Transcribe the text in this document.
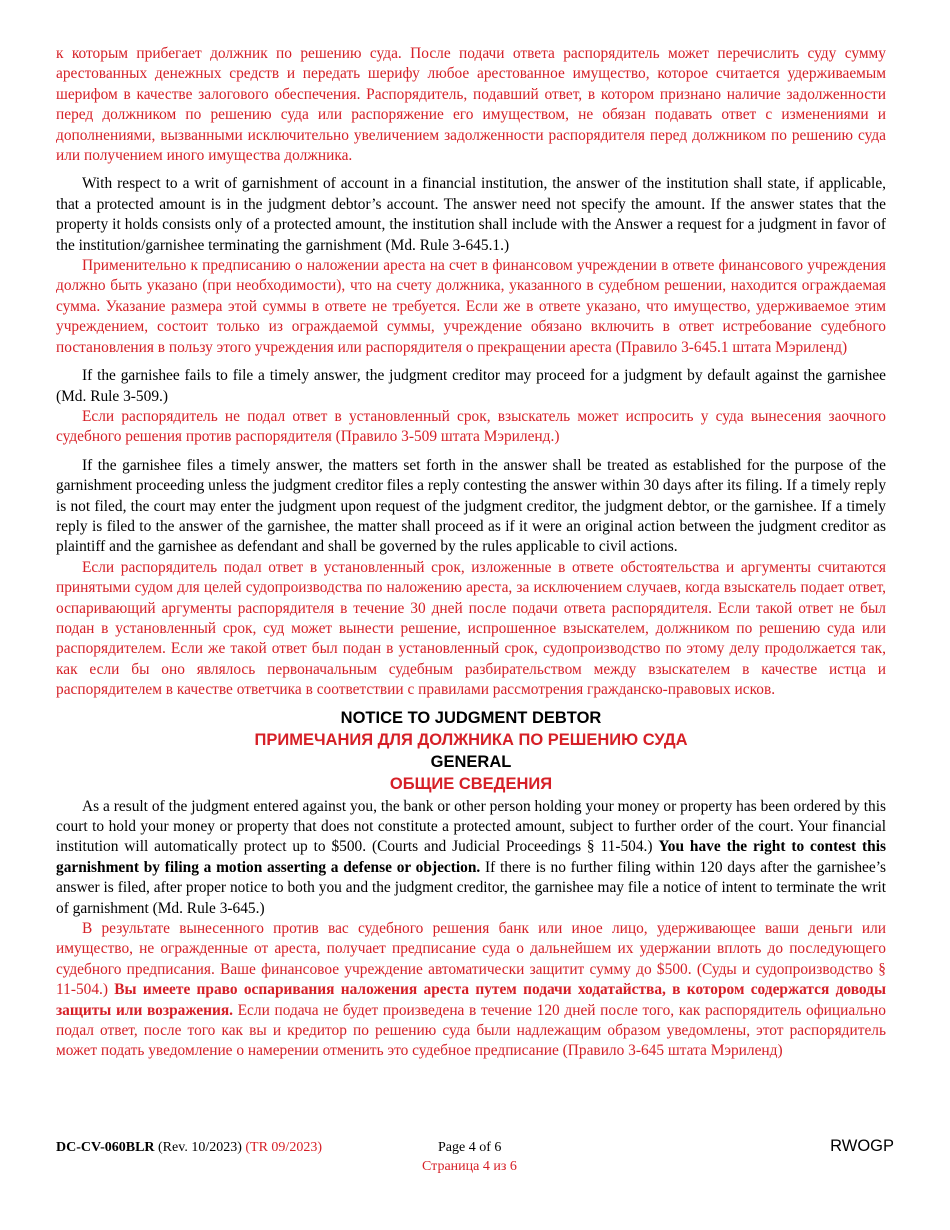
к которым прибегает должник по решению суда. После подачи ответа распорядитель может перечислить суду сумму арестованных денежных средств и передать шерифу любое арестованное имущество, которое считается удерживаемым шерифом в качестве залогового обеспечения. Распорядитель, подавший ответ, в котором признано наличие задолженности перед должником по решению суда или распоряжение его имуществом, не обязан подавать ответ с изменениями и дополнениями, вызванными исключительно увеличением задолженности распорядителя перед должником по решению суда или получением иного имущества должника.

With respect to a writ of garnishment of account in a financial institution, the answer of the institution shall state, if applicable, that a protected amount is in the judgment debtor’s account. The answer need not specify the amount. If the answer states that the property it holds consists only of a protected amount, the institution shall include with the Answer a request for a judgment in favor of the institution/garnishee terminating the garnishment (Md. Rule 3-645.1.)

Применительно к предписанию о наложении ареста на счет в финансовом учреждении в ответе финансового учреждения должно быть указано (при необходимости), что на счету должника, указанного в судебном решении, находится ограждаемая сумма. Указание размера этой суммы в ответе не требуется. Если же в ответе указано, что имущество, удерживаемое этим учреждением, состоит только из ограждаемой суммы, учреждение обязано включить в ответ истребование судебного постановления в пользу этого учреждения или распорядителя о прекращении ареста (Правило 3-645.1 штата Мэриленд)

If the garnishee fails to file a timely answer, the judgment creditor may proceed for a judgment by default against the garnishee (Md. Rule 3-509.)

Если распорядитель не подал ответ в установленный срок, взыскатель может испросить у суда вынесения заочного судебного решения против распорядителя (Правило 3-509 штата Мэриленд.)

If the garnishee files a timely answer, the matters set forth in the answer shall be treated as established for the purpose of the garnishment proceeding unless the judgment creditor files a reply contesting the answer within 30 days after its filing. If a timely reply is not filed, the court may enter the judgment upon request of the judgment creditor, the judgment debtor, or the garnishee. If a timely reply is filed to the answer of the garnishee, the matter shall proceed as if it were an original action between the judgment creditor as plaintiff and the garnishee as defendant and shall be governed by the rules applicable to civil actions.

Если распорядитель подал ответ в установленный срок, изложенные в ответе обстоятельства и аргументы считаются принятыми судом для целей судопроизводства по наложению ареста, за исключением случаев, когда взыскатель подает ответ, оспаривающий аргументы распорядителя в течение 30 дней после подачи ответа распорядителя. Если такой ответ не был подан в установленный срок, суд может вынести решение, испрошенное взыскателем, должником по решению суда или распорядителем. Если же такой ответ был подан в установленный срок, судопроизводство по этому делу продолжается так, как если бы оно являлось первоначальным судебным разбирательством между взыскателем в качестве истца и распорядителем в качестве ответчика в соответствии с правилами рассмотрения гражданско-правовых исков.

NOTICE TO JUDGMENT DEBTOR
ПРИМЕЧАНИЯ ДЛЯ ДОЛЖНИКА ПО РЕШЕНИЮ СУДА
GENERAL
ОБЩИЕ СВЕДЕНИЯ

As a result of the judgment entered against you, the bank or other person holding your money or property has been ordered by this court to hold your money or property that does not constitute a protected amount, subject to further order of the court. Your financial institution will automatically protect up to $500. (Courts and Judicial Proceedings § 11-504.) You have the right to contest this garnishment by filing a motion asserting a defense or objection. If there is no further filing within 120 days after the garnishee’s answer is filed, after proper notice to both you and the judgment creditor, the garnishee may file a notice of intent to terminate the writ of garnishment (Md. Rule 3-645.)

В результате вынесенного против вас судебного решения банк или иное лицо, удерживающее ваши деньги или имущество, не огражденные от ареста, получает предписание суда о дальнейшем их удержании вплоть до последующего судебного предписания. Ваше финансовое учреждение автоматически защитит сумму до $500. (Суды и судопроизводство § 11-504.) Вы имеете право оспаривания наложения ареста путем подачи ходатайства, в котором содержатся доводы защиты или возражения. Если подача не будет произведена в течение 120 дней после того, как распорядитель официально подал ответ, после того как вы и кредитор по решению суда были надлежащим образом уведомлены, этот распорядитель может подать уведомление о намерении отменить это судебное предписание (Правило 3-645 штата Мэриленд)

DC-CV-060BLR (Rev. 10/2023) (TR 09/2023)	Page 4 of 6
Страница 4 из 6
RWOGP
